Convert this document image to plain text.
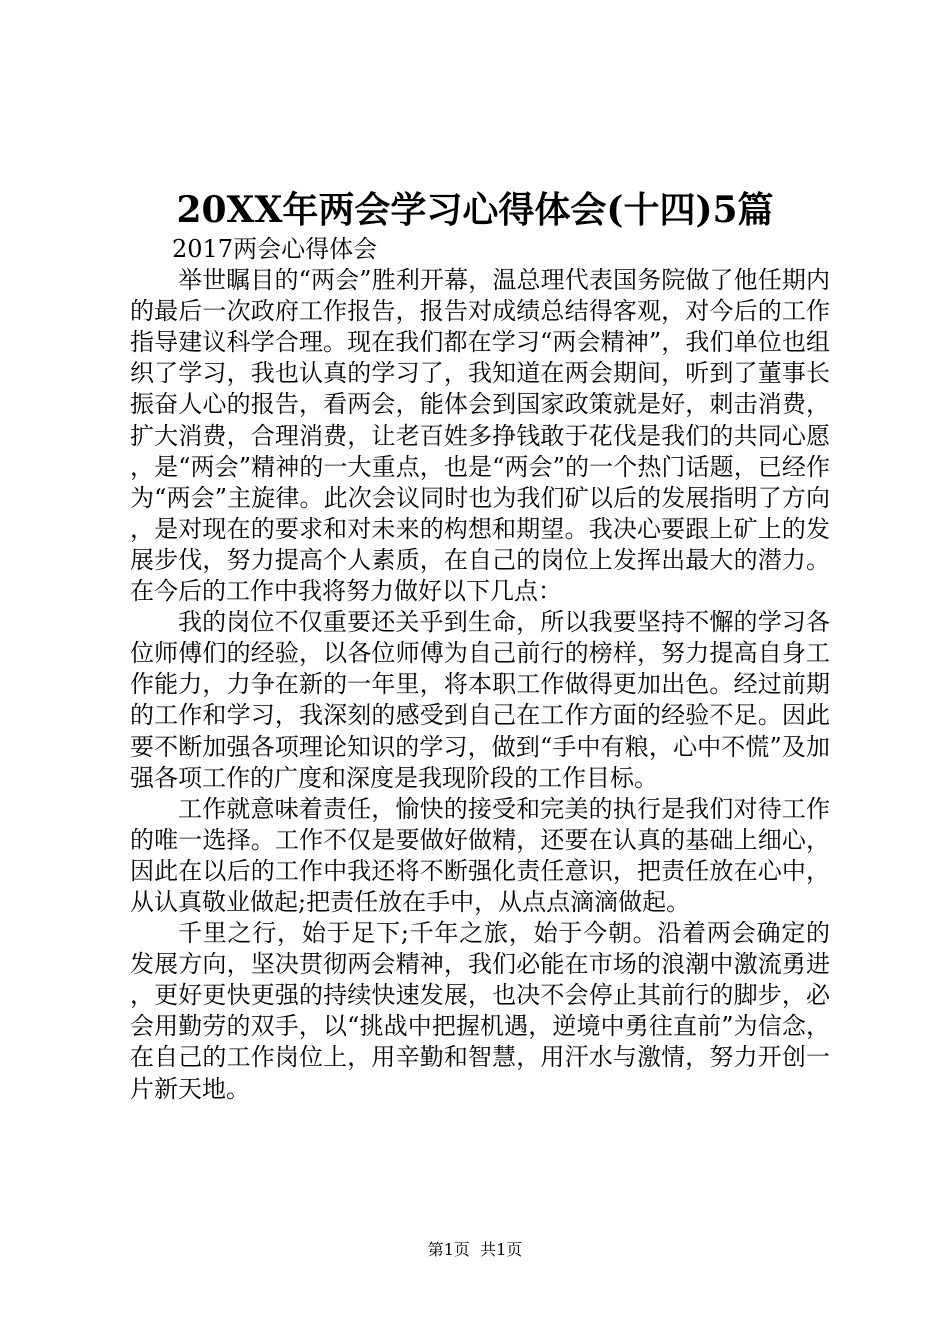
20XX年两会学习心得体会(十四)5篇

2017两会心得体会

举世瞩目的“两会”胜利开幕，温总理代表国务院做了他任期内的最后一次政府工作报告，报告对成绩总结得客观，对今后的工作指导建议科学合理。现在我们都在学习“两会精神”，我们单位也组织了学习，我也认真的学习了，我知道在两会期间，听到了董事长振奋人心的报告，看两会，能体会到国家政策就是好，刺击消费，扩大消费，合理消费，让老百姓多挣钱敢于花伐是我们的共同心愿，是“两会”精神的一大重点，也是“两会”的一个热门话题，已经作为“两会”主旋律。此次会议同时也为我们矿以后的发展指明了方向，是对现在的要求和对未来的构想和期望。我决心要跟上矿上的发展步伐，努力提高个人素质，在自己的岗位上发挥出最大的潜力。在今后的工作中我将努力做好以下几点：

我的岗位不仅重要还关乎到生命，所以我要坚持不懈的学习各位师傅们的经验，以各位师傅为自己前行的榜样，努力提高自身工作能力，力争在新的一年里，将本职工作做得更加出色。经过前期的工作和学习，我深刻的感受到自己在工作方面的经验不足。因此要不断加强各项理论知识的学习，做到“手中有粮，心中不慌”及加强各项工作的广度和深度是我现阶段的工作目标。

工作就意味着责任，愉快的接受和完美的执行是我们对待工作的唯一选择。工作不仅是要做好做精，还要在认真的基础上细心，因此在以后的工作中我还将不断强化责任意识，把责任放在心中，从认真敬业做起;把责任放在手中，从点点滴滴做起。

千里之行，始于足下;千年之旅，始于今朝。沿着两会确定的发展方向，坚决贯彻两会精神，我们必能在市场的浪潮中激流勇进，更好更快更强的持续快速发展，也决不会停止其前行的脚步，必会用勤劳的双手，以“挑战中把握机遇，逆境中勇往直前”为信念，在自己的工作岗位上，用辛勤和智慧，用汗水与激情，努力开创一片新天地。

第1页  共1页
